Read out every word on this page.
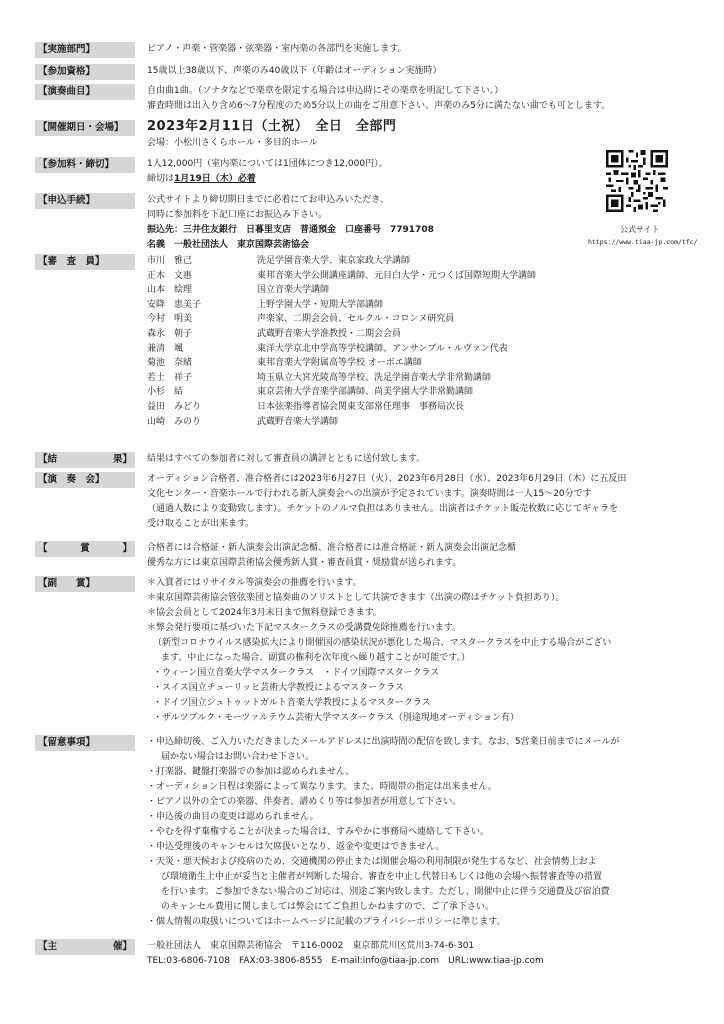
【実施部門】	ピアノ・声楽・管楽器・弦楽器・室内楽の各部門を実施します。
【参加資格】	15歳以上38歳以下、声楽のみ40歳以下（年齢はオーディション実施時）
【演奏曲目】	自由曲1曲。（ソナタなどで楽章を限定する場合は申込時にその楽章を明記して下さい。）
審査時間は出入り含め6〜7分程度のため5分以上の曲をご用意下さい。声楽のみ5分に満たない曲でも可とします。
【開催期日・会場】	2023年2月11日（土祝）　全日　全部門
会場：小松川さくらホール・多目的ホール
【参加料・締切】	1人12,000円（室内楽については1団体につき12,000円）。
締切は1月19日（木）必着
公式サイト
https://www.tiaa-jp.com/tfc/
【申込手続】	公式サイトより締切期日までに必着にてお申込みいただき、
同時に参加料を下記口座にお振込み下さい。
振込先：三井住友銀行　日暮里支店　普通預金　口座番号　7791708
名義　一般社団法人　東京国際芸術協会
【審　査　員】	市川　雅己	洗足学園音楽大学、東京家政大学講師
正木　文惠	東邦音楽大学公開講座講師、元目白大学・元つくば国際短期大学講師
山本　絵理	国立音楽大学講師
安降　恵美子	上野学園大学・短期大学部講師
今村　明美	声楽家、二期会会員、セルクル・コロンヌ研究員
森永　朝子	武蔵野音楽大学准教授・二期会会員
兼清　颯	東洋大学京北中学高等学校講師、アンサンブル・ルヴァン代表
菊池　奈緒	東邦音楽大学附属高等学校 オーボエ講師
若土　祥子	埼玉県立大宮光陵高等学校、洗足学園音楽大学非常勤講師
小杉　結	東京芸術大学音楽学部講師、尚美学園大学非常勤講師
益田　みどり	日本弦楽指導者協会関東支部常任理事　事務局次長
山崎　みのり	武蔵野音楽大学講師
【結	果】 結果はすべての参加者に対して審査員の講評とともに送付致します。
【演　奏　会】	オーディション合格者、准合格者には2023年6月27日（火）、2023年6月28日（水）、2023年6月29日（木）に五反田
文化センター・音楽ホールで行われる新人演奏会への出演が予定されています。演奏時間は一人15〜20分です
（通過人数により変動致します）。チケットのノルマ負担はありません。出演者はチケット販売枚数に応じてギャラを
受け取ることが出来ます。
【	賞	】 合格者には合格証・新人演奏会出演記念楯、准合格者には准合格証・新人演奏会出演記念楯
優秀な方には東京国際芸術協会優秀新人賞・審査員賞・奨励賞が送られます。
【副　　賞】	＊入賞者にはリサイタル等演奏会の推薦を行います。
＊東京国際芸術協会管弦楽団と協奏曲のソリストとして共演できます（出演の際はチケット負担あり）。
＊協会会員として2024年3月末日まで無料登録できます。
＊弊会発行要項に基づいた下記マスタークラスの受講費免除推薦を行います。
（新型コロナウイルス感染拡大により開催国の感染状況が悪化した場合、マスタークラスを中止する場合がござい
ます。中止になった場合、副賞の権利を次年度へ繰り越すことが可能です。）
・ウィーン国立音楽大学マスタークラス　・ドイツ国際マスタークラス
・スイス国立チューリッヒ芸術大学教授によるマスタークラス
・ドイツ国立シュトゥットガルト音楽大学教授によるマスタークラス
・ザルツブルク・モーツァルテウム芸術大学マスタークラス（別途現地オーディション有）
【留意事項】	・申込締切後、ご入力いただきましたメールアドレスに出演時間の配信を致します。なお、5営業日前までにメールが
届かない場合はお問い合わせ下さい。
・打楽器、鍵盤打楽器での参加は認められません。
・オーディション日程は楽器によって異なります。また、時間帯の指定は出来ません。
・ピアノ以外の全ての楽器、伴奏者、譜めくり等は参加者が用意して下さい。
・申込後の曲目の変更は認められません。
・やむを得ず棄権することが決まった場合は、すみやかに事務局へ連絡して下さい。
・申込受理後のキャンセルは欠席扱いとなり、返金や変更はできません。
・天災・悪天候および疫病のため、交通機関の停止または開催会場の利用制限が発生するなど、社会情勢上およ
び環境衛生上中止が妥当と主催者が判断した場合、審査を中止し代替日もしくは他の会場へ振替審査等の措置
を行います。ご参加できない場合のご対応は、別途ご案内致します。ただし、開催中止に伴う交通費及び宿泊費
のキャンセル費用に関しましては弊会にてご負担しかねますので、ご了承下さい。
・個人情報の取扱いについてはホームページに記載のプライバシーポリシーに準じます。
【主	催】 一般社団法人　東京国際芸術協会　〒116-0002　東京都荒川区荒川3-74-6-301
TEL:03-6806-7108　FAX:03-3806-8555　E-mail:info@tiaa-jp.com　URL:www.tiaa-jp.com
